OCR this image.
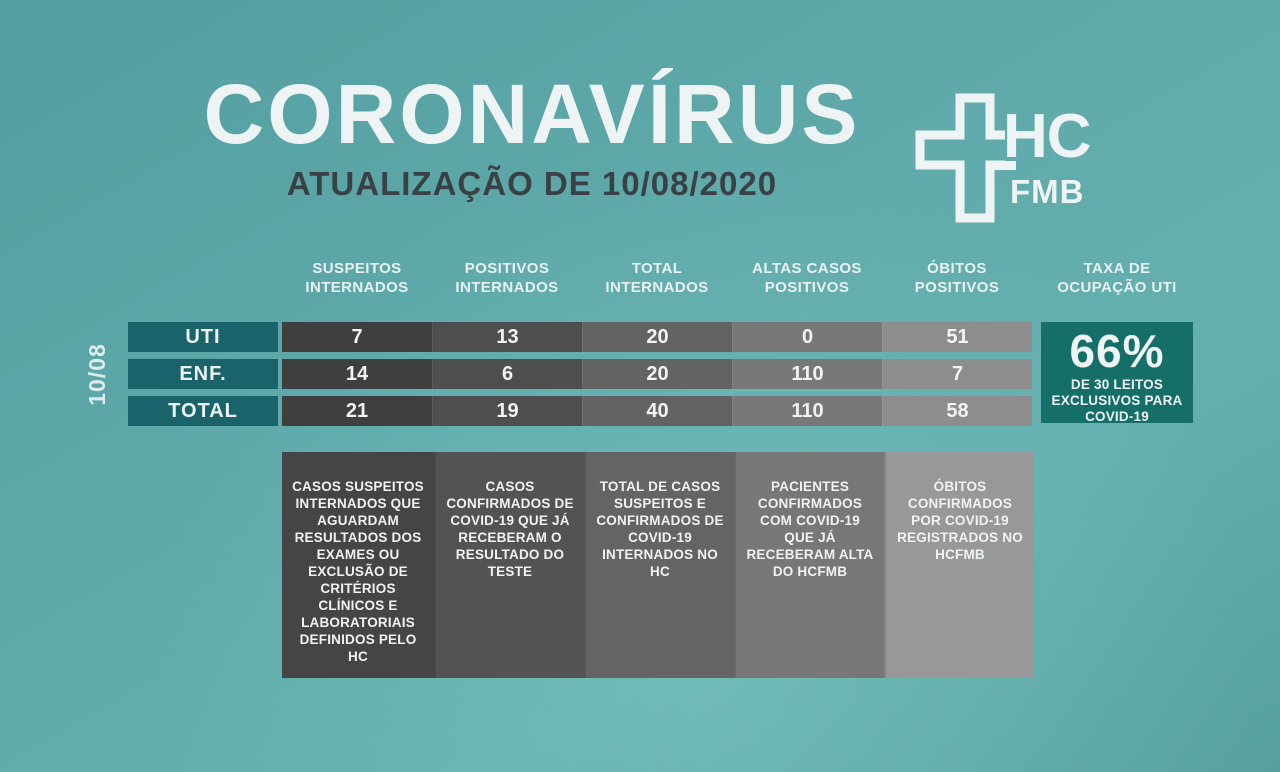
CORONAVÍRUS
ATUALIZAÇÃO DE 10/08/2020
HC
FMB
10/08
SUSPEITOS
INTERNADOS
POSITIVOS
INTERNADOS
TOTAL
INTERNADOS
ALTAS CASOS
POSITIVOS
ÓBITOS
POSITIVOS
TAXA DE
OCUPAÇÃO UTI
UTI	7	13	20	0	51
ENF.	14	6	20	110	7
TOTAL	21	19	40	110	58
66%
DE 30 LEITOS EXCLUSIVOS PARA COVID-19
CASOS SUSPEITOS INTERNADOS QUE AGUARDAM RESULTADOS DOS EXAMES OU EXCLUSÃO DE CRITÉRIOS CLÍNICOS E LABORATORIAIS DEFINIDOS PELO HC
CASOS CONFIRMADOS DE COVID-19 QUE JÁ RECEBERAM O RESULTADO DO TESTE
TOTAL DE CASOS SUSPEITOS E CONFIRMADOS DE COVID-19 INTERNADOS NO HC
PACIENTES CONFIRMADOS COM COVID-19 QUE JÁ RECEBERAM ALTA DO HCFMB
ÓBITOS CONFIRMADOS POR COVID-19 REGISTRADOS NO HCFMB
